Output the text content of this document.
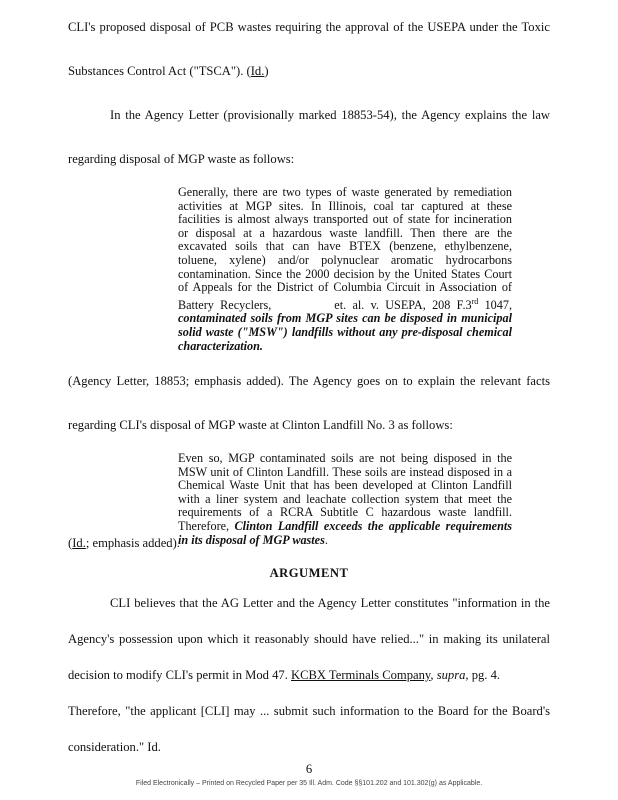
CLI's proposed disposal of PCB wastes requiring the approval of the USEPA under the Toxic
Substances Control Act ("TSCA"). (Id.)
In the Agency Letter (provisionally marked 18853-54), the Agency explains the law
regarding disposal of MGP waste as follows:
Generally, there are two types of waste generated by remediation
activities at MGP sites. In Illinois, coal tar captured at these
facilities is almost always transported out of state for incineration
or disposal at a hazardous waste landfill. Then there are the
excavated soils that can have BTEX (benzene, ethylbenzene,
toluene, xylene) and/or polynuclear aromatic hydrocarbons
contamination. Since the 2000 decision by the United States Court
of Appeals for the District of Columbia Circuit in Association of
Battery Recyclers,          et. al. v. USEPA, 208 F.3rd 1047,
contaminated soils from MGP sites can be disposed in municipal
solid waste ("MSW") landfills without any pre-disposal chemical
characterization.
(Agency Letter, 18853; emphasis added). The Agency goes on to explain the relevant facts
regarding CLI's disposal of MGP waste at Clinton Landfill No. 3 as follows:
Even so, MGP contaminated soils are not being disposed in the
MSW unit of Clinton Landfill. These soils are instead disposed in a
Chemical Waste Unit that has been developed at Clinton Landfill
with a liner system and leachate collection system that meet the
requirements of a RCRA Subtitle C hazardous waste landfill.
Therefore, Clinton Landfill exceeds the applicable requirements
in its disposal of MGP wastes.
(Id.; emphasis added).
ARGUMENT
CLI believes that the AG Letter and the Agency Letter constitutes "information in the
Agency's possession upon which it reasonably should have relied..." in making its unilateral
decision to modify CLI's permit in Mod 47. KCBX Terminals Company, supra, pg. 4.
Therefore, "the applicant [CLI] may ... submit such information to the Board for the Board's
consideration." Id.
6
Filed Electronically – Printed on Recycled Paper per 35 Ill. Adm. Code §§101.202 and 101.302(g) as Applicable.
